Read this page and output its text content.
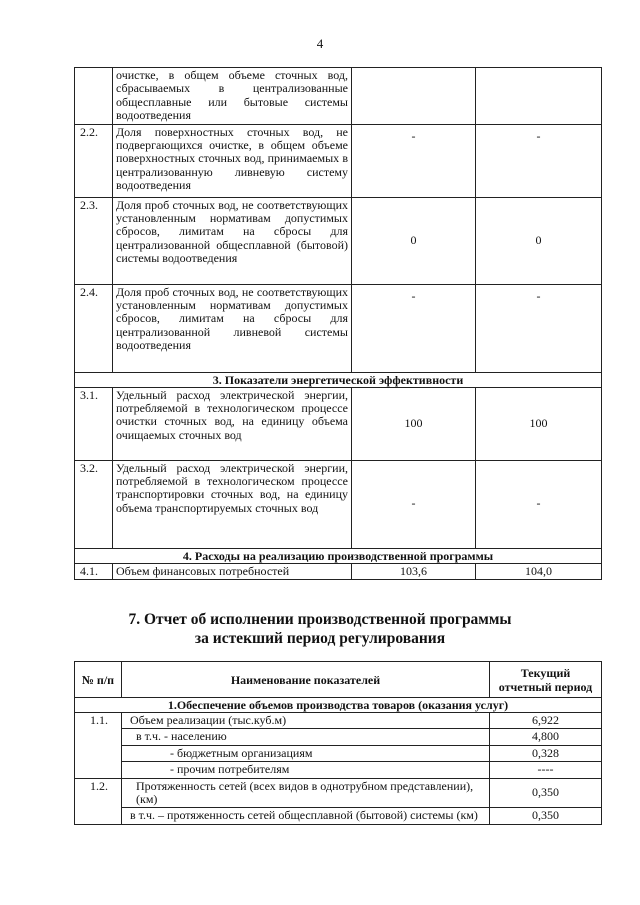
4
	очистке, в общем объеме сточных вод, сбрасываемых в централизованные общесплавные или бытовые системы водоотведения		
2.2.	Доля поверхностных сточных вод, не подвергающихся очистке, в общем объеме поверхностных сточных вод, принимаемых в централизованную ливневую систему водоотведения	-	-
2.3.	Доля проб сточных вод, не соответствующих установленным нормативам допустимых сбросов, лимитам на сбросы для централизованной общесплавной (бытовой) системы водоотведения	0	0
2.4.	Доля проб сточных вод, не соответствующих установленным нормативам допустимых сбросов, лимитам на сбросы для централизованной ливневой системы водоотведения	-	-
3. Показатели энергетической эффективности			
3.1.	Удельный расход электрической энергии, потребляемой в технологическом процессе очистки сточных вод, на единицу объема очищаемых сточных вод	100	100
3.2.	Удельный расход электрической энергии, потребляемой в технологическом процессе транспортировки сточных вод, на единицу объема транспортируемых сточных вод	-	-
4. Расходы на реализацию производственной программы			
4.1.	Объем финансовых потребностей	103,6	104,0
7. Отчет об исполнении производственной программы
за истекший период регулирования
№ п/п	Наименование показателей	Текущий отчетный период
1.Обеспечение объемов производства товаров (оказания услуг)		
1.1.	Объем реализации (тыс.куб.м)	6,922
	в т.ч. - населению	4,800
	- бюджетным организациям	0,328
	- прочим потребителям	----
1.2.	Протяженность сетей (всех видов в однотрубном представлении), (км)	0,350
	в т.ч. – протяженность сетей общесплавной (бытовой) системы (км)	0,350
